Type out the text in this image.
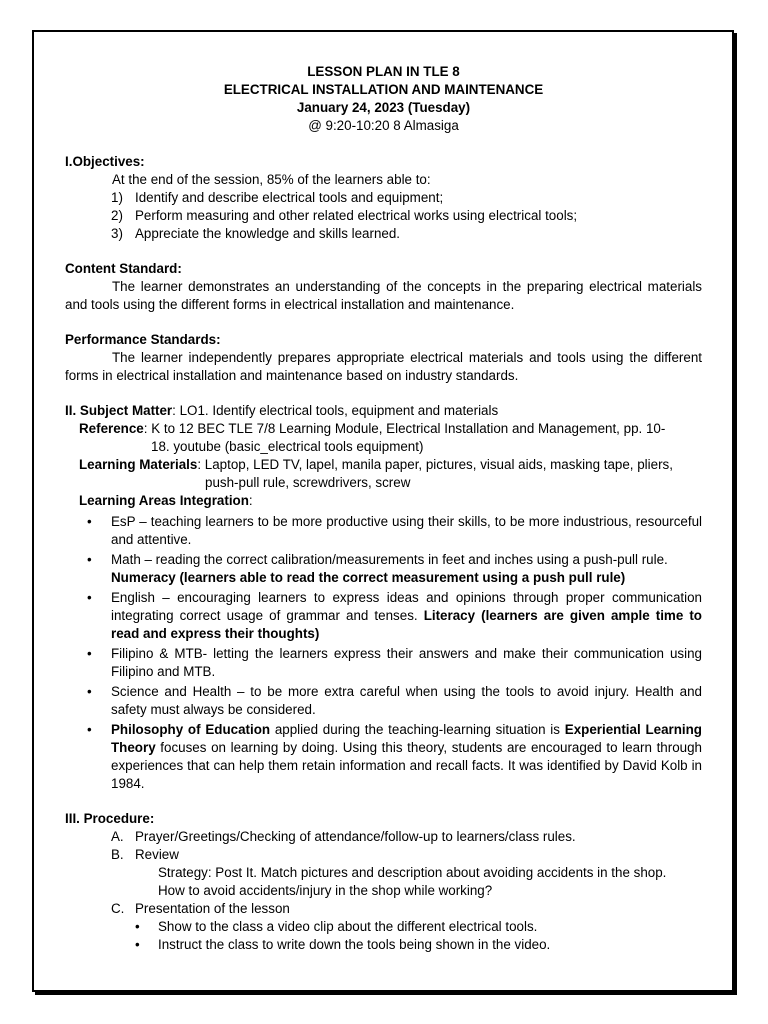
LESSON PLAN IN TLE 8
ELECTRICAL INSTALLATION AND MAINTENANCE
January 24, 2023 (Tuesday)
@ 9:20-10:20 8 Almasiga
I.Objectives:
At the end of the session, 85% of the learners able to:
1) Identify and describe electrical tools and equipment;
2) Perform measuring and other related electrical works using electrical tools;
3) Appreciate the knowledge and skills learned.
Content Standard:
The learner demonstrates an understanding of the concepts in the preparing electrical materials and tools using the different forms in electrical installation and maintenance.
Performance Standards:
The learner independently prepares appropriate electrical materials and tools using the different forms in electrical installation and maintenance based on industry standards.
II. Subject Matter: LO1. Identify electrical tools, equipment and materials
Reference: K to 12 BEC TLE 7/8 Learning Module, Electrical Installation and Management, pp. 10-
18. youtube (basic_electrical tools equipment)
Learning Materials: Laptop, LED TV, lapel, manila paper, pictures, visual aids, masking tape, pliers,
push-pull rule, screwdrivers, screw
Learning Areas Integration:
• EsP – teaching learners to be more productive using their skills, to be more industrious, resourceful and attentive.
• Math – reading the correct calibration/measurements in feet and inches using a push-pull rule.
Numeracy (learners able to read the correct measurement using a push pull rule)
• English – encouraging learners to express ideas and opinions through proper communication integrating correct usage of grammar and tenses. Literacy (learners are given ample time to read and express their thoughts)
• Filipino & MTB- letting the learners express their answers and make their communication using Filipino and MTB.
• Science and Health – to be more extra careful when using the tools to avoid injury. Health and safety must always be considered.
• Philosophy of Education applied during the teaching-learning situation is Experiential Learning Theory focuses on learning by doing. Using this theory, students are encouraged to learn through experiences that can help them retain information and recall facts. It was identified by David Kolb in 1984.
III. Procedure:
A. Prayer/Greetings/Checking of attendance/follow-up to learners/class rules.
B. Review
Strategy: Post It. Match pictures and description about avoiding accidents in the shop.
How to avoid accidents/injury in the shop while working?
C. Presentation of the lesson
• Show to the class a video clip about the different electrical tools.
• Instruct the class to write down the tools being shown in the video.
